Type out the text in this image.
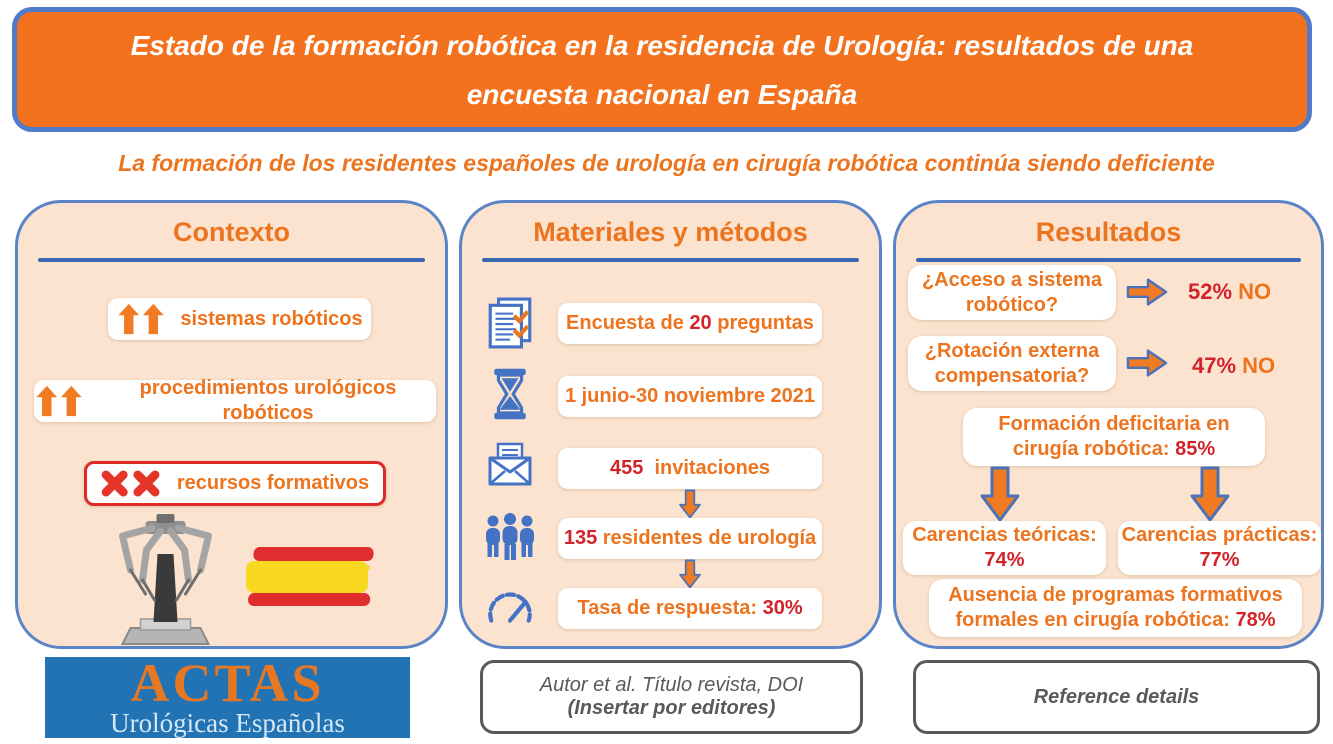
Estado de la formación robótica en la residencia de Urología: resultados de una encuesta nacional en España
La formación de los residentes españoles de urología en cirugía robótica continúa siendo deficiente
Contexto
sistemas robóticos
procedimientos urológicos robóticos
recursos formativos
Materiales y métodos
Encuesta de 20 preguntas
1 junio-30 noviembre 2021
455  invitaciones
135 residentes de urología
Tasa de respuesta: 30%
Resultados
¿Acceso a sistema robótico?
52% NO
¿Rotación externa compensatoria?	47% NO
Formación deficitaria en cirugía robótica: 85%
Carencias teóricas: 74%
Carencias prácticas: 77%
Ausencia de programas formativos formales en cirugía robótica: 78%
ACTAS
Urológicas Españolas
Autor et al. Título revista, DOI
(Insertar por editores)
Reference details
